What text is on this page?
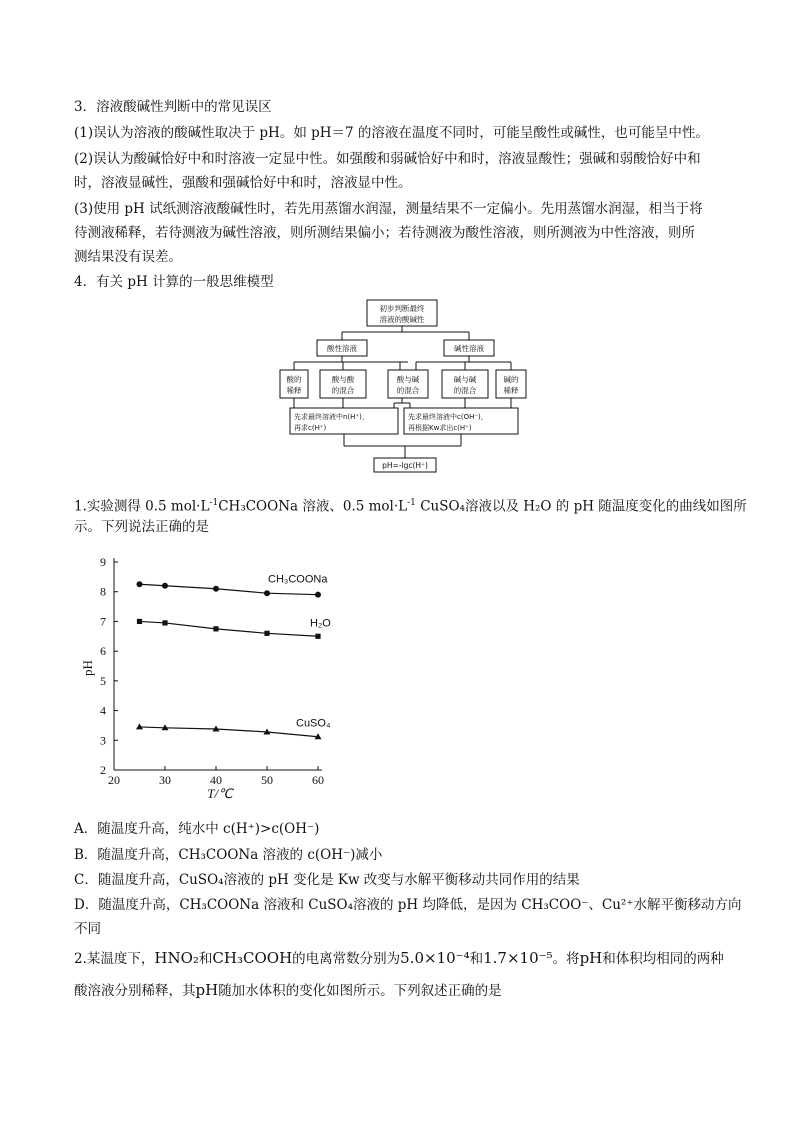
3．溶液酸碱性判断中的常见误区
(1)误认为溶液的酸碱性取决于 pH。如 pH＝7 的溶液在温度不同时，可能呈酸性或碱性，也可能呈中性。
(2)误认为酸碱恰好中和时溶液一定显中性。如强酸和弱碱恰好中和时，溶液显酸性；强碱和弱酸恰好中和
时，溶液显碱性，强酸和强碱恰好中和时，溶液显中性。
(3)使用 pH 试纸测溶液酸碱性时，若先用蒸馏水润湿，测量结果不一定偏小。先用蒸馏水润湿，相当于将
待测液稀释，若待测液为碱性溶液，则所测结果偏小；若待测液为酸性溶液，则所测液为中性溶液，则所
测结果没有误差。
4．有关 pH 计算的一般思维模型
初步判断最终
溶液的酸碱性
酸性溶液	碱性溶液
酸的
稀释
酸与酸
的混合
酸与碱
的混合
碱与碱
的混合
碱的
稀释
先求最终溶液中n(H⁺)，
再求c(H⁺)
先求最终溶液中c(OH⁻)，
再根据Kw求出c(H⁺)
pH=-lgc(H⁺)
1.实验测得 0.5 $mol\cdot L^{-1}CH_3COONa$ 溶液、0.5 $mol\cdot L^{-1}$ CuSO₄溶液以及 H₂O 的 pH 随温度变化的曲线如图所
示。下列说法正确的是
20	30	40	50	60
2
3
4
5
6
7
8
9
CH₃COONa
H₂O
CuSO₄
pH
T/℃
A．随温度升高，纯水中 c(H⁺)>c(OH⁻)
B．随温度升高，CH₃COONa 溶液的 c(OH⁻)减小
C．随温度升高，CuSO₄溶液的 pH 变化是 Kw 改变与水解平衡移动共同作用的结果
D．随温度升高，CH₃COONa 溶液和 CuSO₄溶液的 pH 均降低，是因为 CH₃COO⁻、Cu²⁺水解平衡移动方向
不同
2.某温度下，HNO₂和CH₃COOH的电离常数分别为5.0×10⁻⁴和1.7×10⁻⁵。将pH和体积均相同的两种
酸溶液分别稀释，其pH随加水体积的变化如图所示。下列叙述正确的是
